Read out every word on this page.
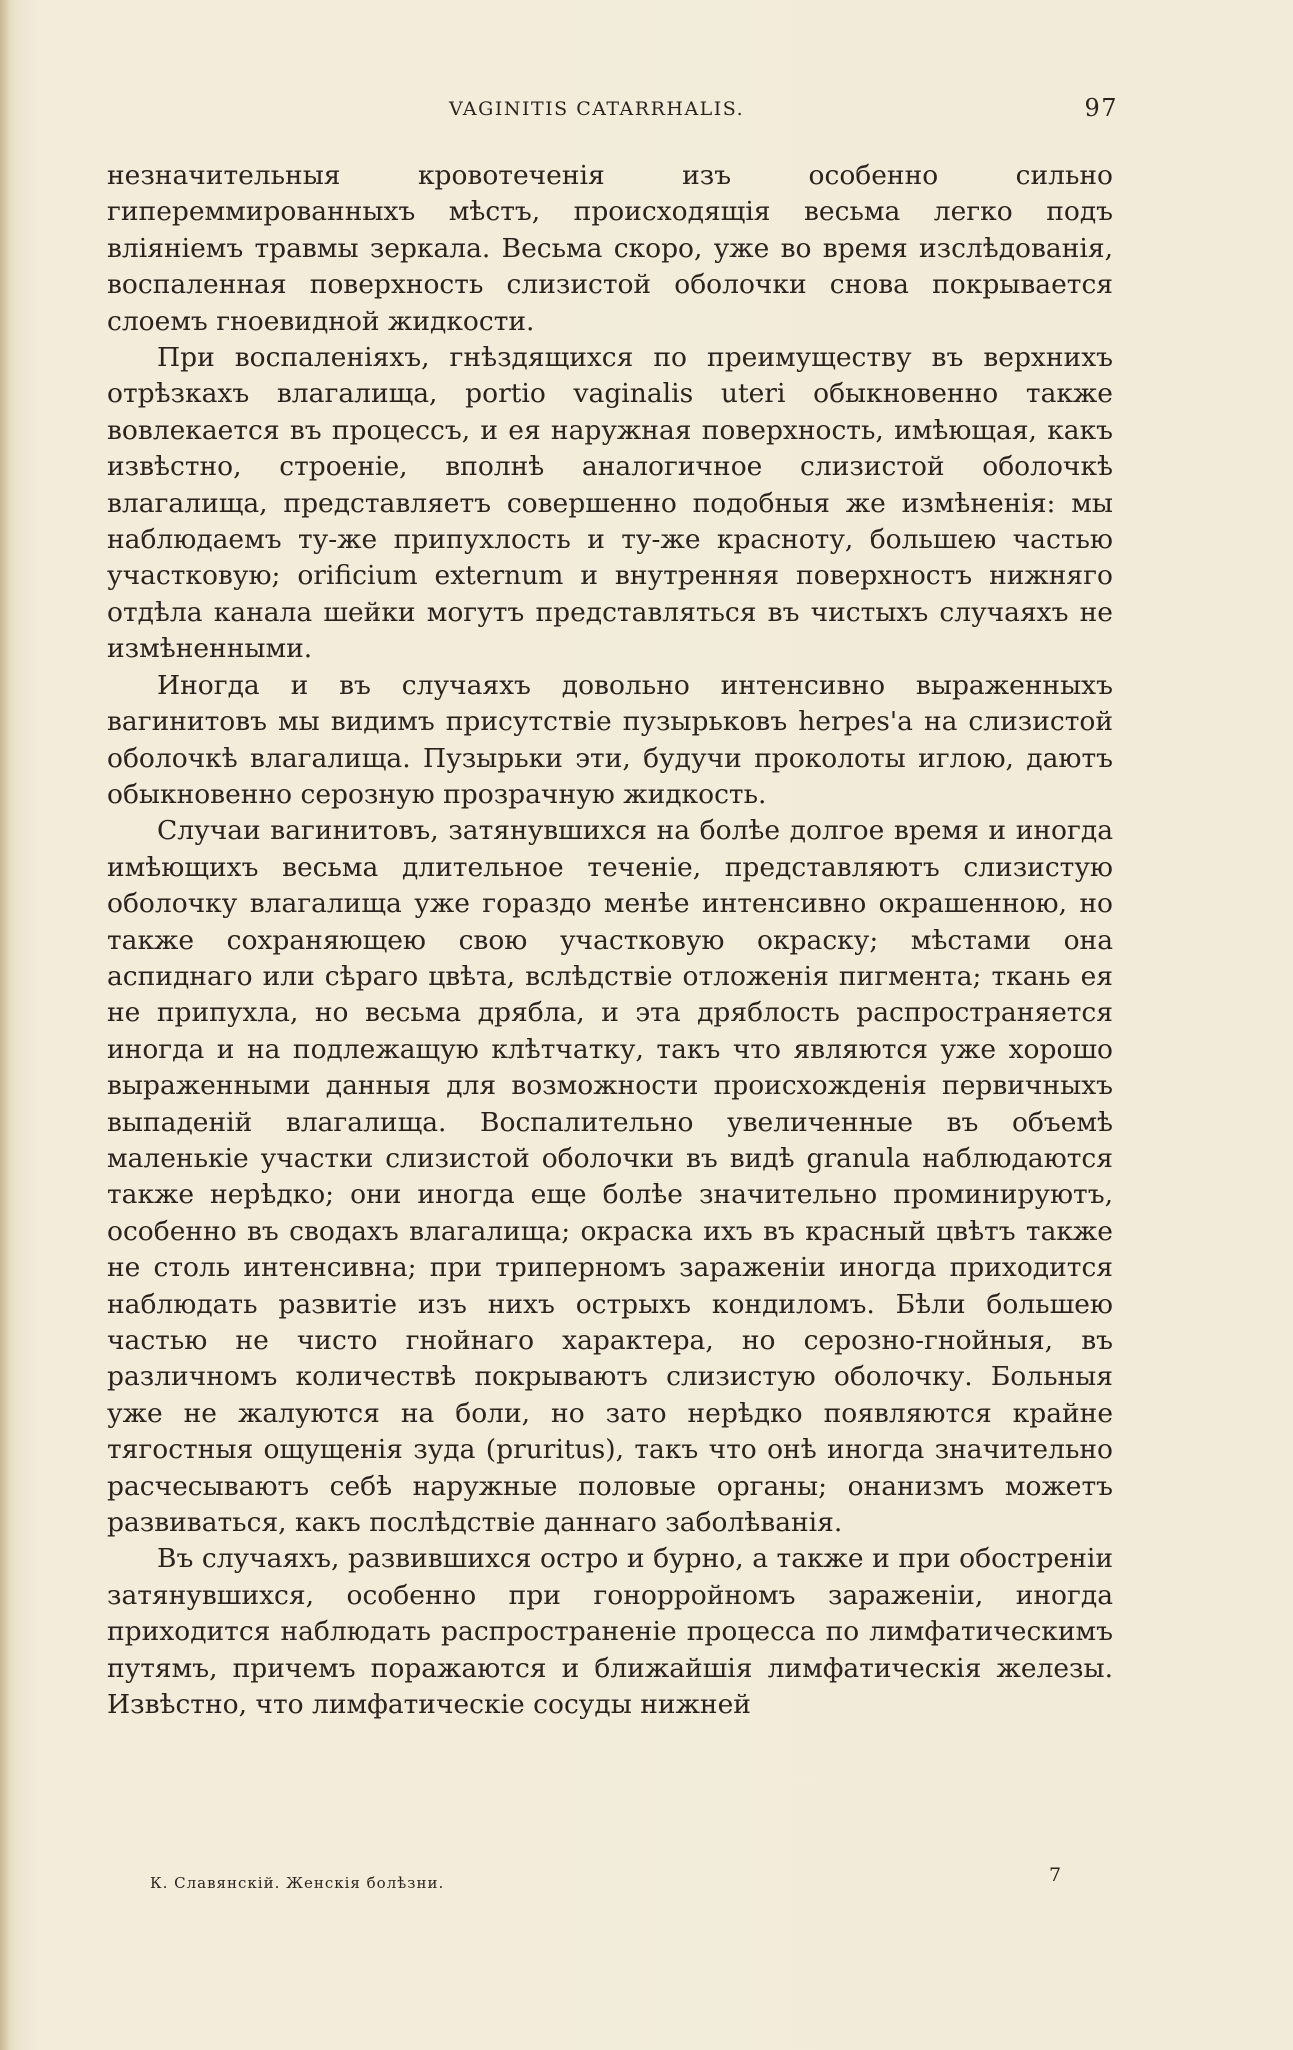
VAGINITIS CATARRHALIS.	97

незначительныя кровотеченія изъ особенно сильно гипереммированныхъ мѣстъ, происходящія весьма легко подъ вліяніемъ травмы зеркала. Весьма скоро, уже во время изслѣдованія, воспаленная поверхность слизистой оболочки снова покрывается слоемъ гноевидной жидкости.

При воспаленіяхъ, гнѣздящихся по преимуществу въ верхнихъ отрѣзкахъ влагалища, portio vaginalis uteri обыкновенно также вовлекается въ процессъ, и ея наружная поверхность, имѣющая, какъ извѣстно, строеніе, вполнѣ аналогичное слизистой оболочкѣ влагалища, представляетъ совершенно подобныя же измѣненія: мы наблюдаемъ ту-же припухлость и ту-же красноту, большею частью участковую; orificium externum и внутренняя поверхностъ нижняго отдѣла канала шейки могутъ представляться въ чистыхъ случаяхъ не измѣненными.

Иногда и въ случаяхъ довольно интенсивно выраженныхъ вагинитовъ мы видимъ присутствіе пузырьковъ herpes'а на слизистой оболочкѣ влагалища. Пузырьки эти, будучи проколоты иглою, даютъ обыкновенно серозную прозрачную жидкость.

Случаи вагинитовъ, затянувшихся на болѣе долгое время и иногда имѣющихъ весьма длительное теченіе, представляютъ слизистую оболочку влагалища уже гораздо менѣе интенсивно окрашенною, но также сохраняющею свою участковую окраску; мѣстами она аспиднаго или сѣраго цвѣта, вслѣдствіе отложенія пигмента; ткань ея не припухла, но весьма дрябла, и эта дряблость распространяется иногда и на подлежащую клѣтчатку, такъ что являются уже хорошо выраженными данныя для возможности происхожденія первичныхъ выпаденій влагалища. Воспалительно увеличенные въ объемѣ маленькіе участки слизистой оболочки въ видѣ granula наблюдаются также нерѣдко; они иногда еще болѣе значительно проминируютъ, особенно въ сводахъ влагалища; окраска ихъ въ красный цвѣтъ также не столь интенсивна; при триперномъ зараженіи иногда приходится наблюдать развитіе изъ нихъ острыхъ кондиломъ. Бѣли большею частью не чисто гнойнаго характера, но серозно-гнойныя, въ различномъ количествѣ покрываютъ слизистую оболочку. Больныя уже не жалуются на боли, но зато нерѣдко появляются крайне тягостныя ощущенія зуда (pruritus), такъ что онѣ иногда значительно расчесываютъ себѣ наружные половые органы; онанизмъ можетъ развиваться, какъ послѣдствіе даннаго заболѣванія.

Въ случаяхъ, развившихся остро и бурно, а также и при обостреніи затянувшихся, особенно при гонорройномъ зараженіи, иногда приходится наблюдать распространеніе процесса по лимфатическимъ путямъ, причемъ поражаются и ближайшія лимфатическія железы. Извѣстно, что лимфатическіе сосуды нижней

К. Славянскій. Женскія болѣзни.	7
